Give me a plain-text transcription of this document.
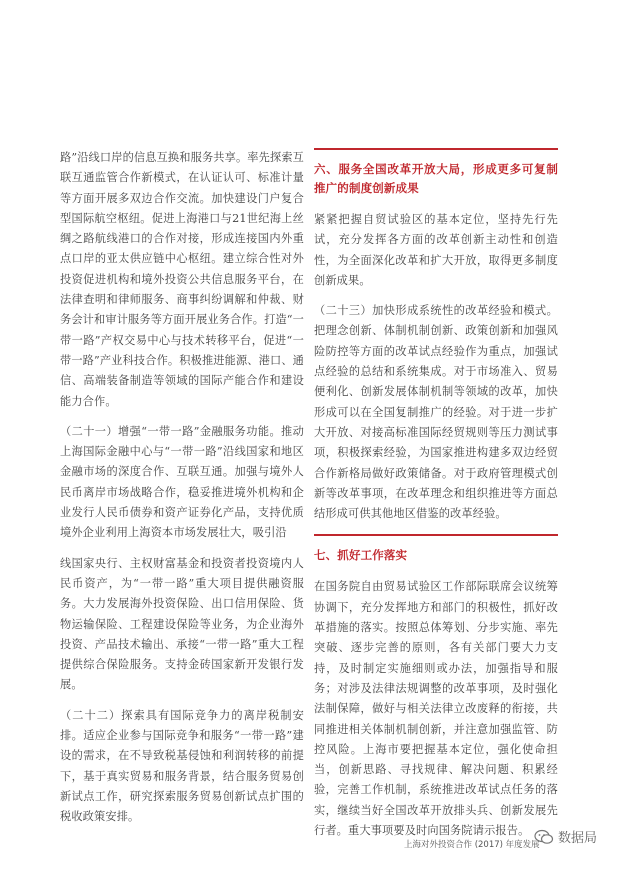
路”沿线口岸的信息互换和服务共享。率先探索互联互通监管合作新模式，在认证认可、标准计量等方面开展多双边合作交流。加快建设门户复合型国际航空枢纽。促进上海港口与21世纪海上丝绸之路航线港口的合作对接，形成连接国内外重点口岸的亚太供应链中心枢纽。建立综合性对外投资促进机构和境外投资公共信息服务平台，在法律查明和律师服务、商事纠纷调解和仲裁、财务会计和审计服务等方面开展业务合作。打造“一带一路”产权交易中心与技术转移平台，促进“一带一路”产业科技合作。积极推进能源、港口、通信、高端装备制造等领域的国际产能合作和建设能力合作。

（二十一）增强“一带一路”金融服务功能。推动上海国际金融中心与“一带一路”沿线国家和地区金融市场的深度合作、互联互通。加强与境外人民币离岸市场战略合作，稳妥推进境外机构和企业发行人民币债券和资产证券化产品，支持优质境外企业利用上海资本市场发展壮大，吸引沿

线国家央行、主权财富基金和投资者投资境内人民币资产，为“一带一路”重大项目提供融资服务。大力发展海外投资保险、出口信用保险、货物运输保险、工程建设保险等业务，为企业海外投资、产品技术输出、承接“一带一路”重大工程提供综合保险服务。支持金砖国家新开发银行发展。

（二十二）探索具有国际竞争力的离岸税制安排。适应企业参与国际竞争和服务“一带一路”建设的需求，在不导致税基侵蚀和利润转移的前提下，基于真实贸易和服务背景，结合服务贸易创新试点工作，研究探索服务贸易创新试点扩围的税收政策安排。

六、服务全国改革开放大局，形成更多可复制推广的制度创新成果

紧紧把握自贸试验区的基本定位，坚持先行先试，充分发挥各方面的改革创新主动性和创造性，为全面深化改革和扩大开放，取得更多制度创新成果。

（二十三）加快形成系统性的改革经验和模式。把理念创新、体制机制创新、政策创新和加强风险防控等方面的改革试点经验作为重点，加强试点经验的总结和系统集成。对于市场准入、贸易便利化、创新发展体制机制等领域的改革，加快形成可以在全国复制推广的经验。对于进一步扩大开放、对接高标准国际经贸规则等压力测试事项，积极探索经验，为国家推进构建多双边经贸合作新格局做好政策储备。对于政府管理模式创新等改革事项，在改革理念和组织推进等方面总结形成可供其他地区借鉴的改革经验。

七、抓好工作落实

在国务院自由贸易试验区工作部际联席会议统筹协调下，充分发挥地方和部门的积极性，抓好改革措施的落实。按照总体筹划、分步实施、率先突破、逐步完善的原则，各有关部门要大力支持，及时制定实施细则或办法，加强指导和服务；对涉及法律法规调整的改革事项，及时强化法制保障，做好与相关法律立改废释的衔接，共同推进相关体制机制创新，并注意加强监管、防控风险。上海市要把握基本定位，强化使命担当，创新思路、寻找规律、解决问题、积累经验，完善工作机制，系统推进改革试点任务的落实，继续当好全国改革开放排头兵、创新发展先行者。重大事项要及时向国务院请示报告。

上海对外投资合作 (2017) 年度发展 数据局
